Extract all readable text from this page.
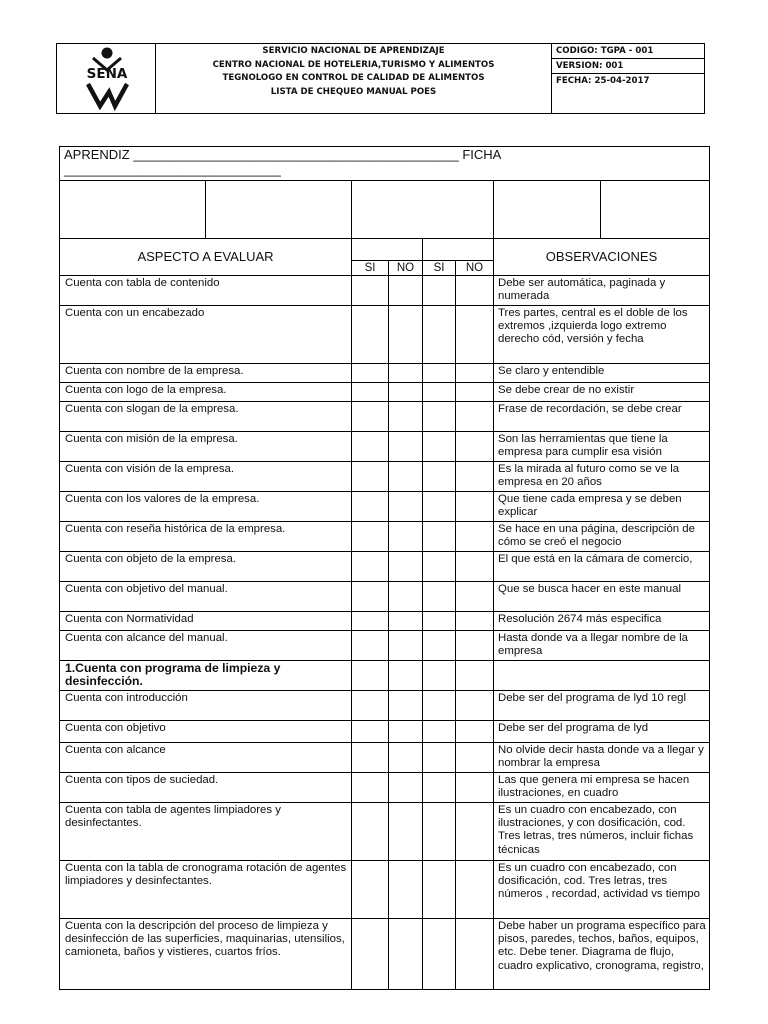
SENA

SERVICIO NACIONAL DE APRENDIZAJE
CENTRO NACIONAL DE HOTELERIA,TURISMO Y ALIMENTOS
TEGNOLOGO EN CONTROL DE CALIDAD DE ALIMENTOS
LISTA DE CHEQUEO MANUAL POES

CODIGO: TGPA - 001
VERSION: 001
FECHA: 25-04-2017
APRENDIZ _____________________________________________ FICHA ______________________________							

ASPECTO A EVALUAR						OBSERVACIONES	
		SI	NO	SI	NO		
Cuenta con tabla de contenido						Debe ser automática, paginada y numerada	
Cuenta con un encabezado						Tres partes, central es el doble de los extremos ,izquierda logo extremo derecho cód, versión y fecha	
Cuenta con nombre de la empresa.						Se claro y entendible	
Cuenta con logo de la empresa.						Se debe crear de no existir	
Cuenta con slogan de la empresa.						Frase de recordación, se debe crear	
Cuenta con misión de la empresa.						Son las herramientas que tiene la empresa para cumplir esa visión	
Cuenta con visión de la empresa.						Es la mirada al futuro como se ve la empresa en 20 años	
Cuenta con los valores de la empresa.						Que tiene cada empresa y se deben explicar	
Cuenta con reseña histórica de la empresa.						Se hace en una página, descripción de cómo se creó el negocio	
Cuenta con objeto de la empresa.						El que está en la cámara de comercio,	
Cuenta con objetivo del manual.						Que se busca hacer en este manual	
Cuenta con Normatividad						Resolución 2674 más especifica	
Cuenta con alcance del manual.						Hasta donde va a llegar nombre de la empresa	
1.Cuenta con programa de limpieza y desinfección.							
Cuenta con introducción						Debe ser del programa de lyd 10 regl	
Cuenta con objetivo						Debe ser del programa de lyd	
Cuenta con alcance						No olvide decir hasta donde va a llegar y nombrar la empresa	
Cuenta con tipos de suciedad.						Las que genera mi empresa se hacen ilustraciones, en cuadro	
Cuenta con tabla de agentes limpiadores y desinfectantes.						Es un cuadro con encabezado, con ilustraciones, y con dosificación, cod. Tres letras, tres números, incluir fichas técnicas	
Cuenta con la tabla de cronograma rotación de agentes limpiadores y desinfectantes.						Es un cuadro con encabezado, con dosificación, cod. Tres letras, tres números , recordad, actividad vs tiempo	
Cuenta con la descripción del proceso de limpieza y desinfección de las superficies, maquinarias, utensilios, camioneta, baños y vistieres, cuartos fríos.						Debe haber un programa específico para pisos, paredes, techos, baños, equipos, etc. Debe tener. Diagrama de flujo, cuadro explicativo, cronograma, registro,	
